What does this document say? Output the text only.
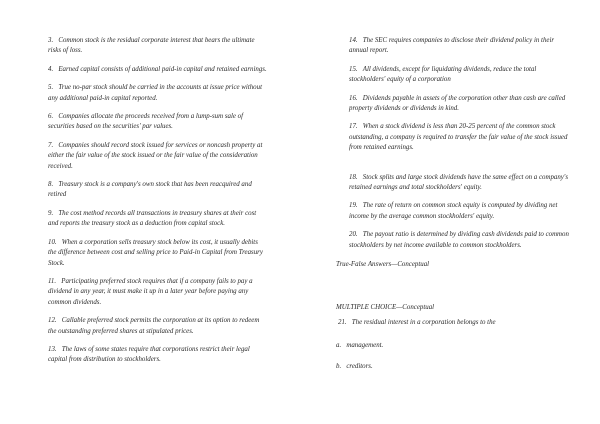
3. Common stock is the residual corporate interest that bears the ultimate risks of loss.

4. Earned capital consists of additional paid-in capital and retained earnings.

5. True no-par stock should be carried in the accounts at issue price without any additional paid-in capital reported.

6. Companies allocate the proceeds received from a lump-sum sale of securities based on the securities' par values.

7. Companies should record stock issued for services or noncash property at either the fair value of the stock issued or the fair value of the consideration received.

8. Treasury stock is a company's own stock that has been reacquired and retired

9. The cost method records all transactions in treasury shares at their cost and reports the treasury stock as a deduction from capital stock.

10. When a corporation sells treasury stock below its cost, it usually debits the difference between cost and selling price to Paid-in Capital from Treasury Stock.

11. Participating preferred stock requires that if a company fails to pay a dividend in any year, it must make it up in a later year before paying any common dividends.

12. Callable preferred stock permits the corporation at its option to redeem the outstanding preferred shares at stipulated prices.

13. The laws of some states require that corporations restrict their legal capital from distribution to stockholders.

14. The SEC requires companies to disclose their dividend policy in their annual report.

15. All dividends, except for liquidating dividends, reduce the total stockholders' equity of a corporation

16. Dividends payable in assets of the corporation other than cash are called property dividends or dividends in kind.

17. When a stock dividend is less than 20-25 percent of the common stock outstanding, a company is required to transfer the fair value of the stock issued from retained earnings.

18. Stock splits and large stock dividends have the same effect on a company's retained earnings and total stockholders' equity.

19. The rate of return on common stock equity is computed by dividing net income by the average common stockholders' equity.

20. The payout ratio is determined by dividing cash dividends paid to common stockholders by net income available to common stockholders.

True-False Answers—Conceptual

MULTIPLE CHOICE—Conceptual

21. The residual interest in a corporation belongs to the

a. management.

b. creditors.
